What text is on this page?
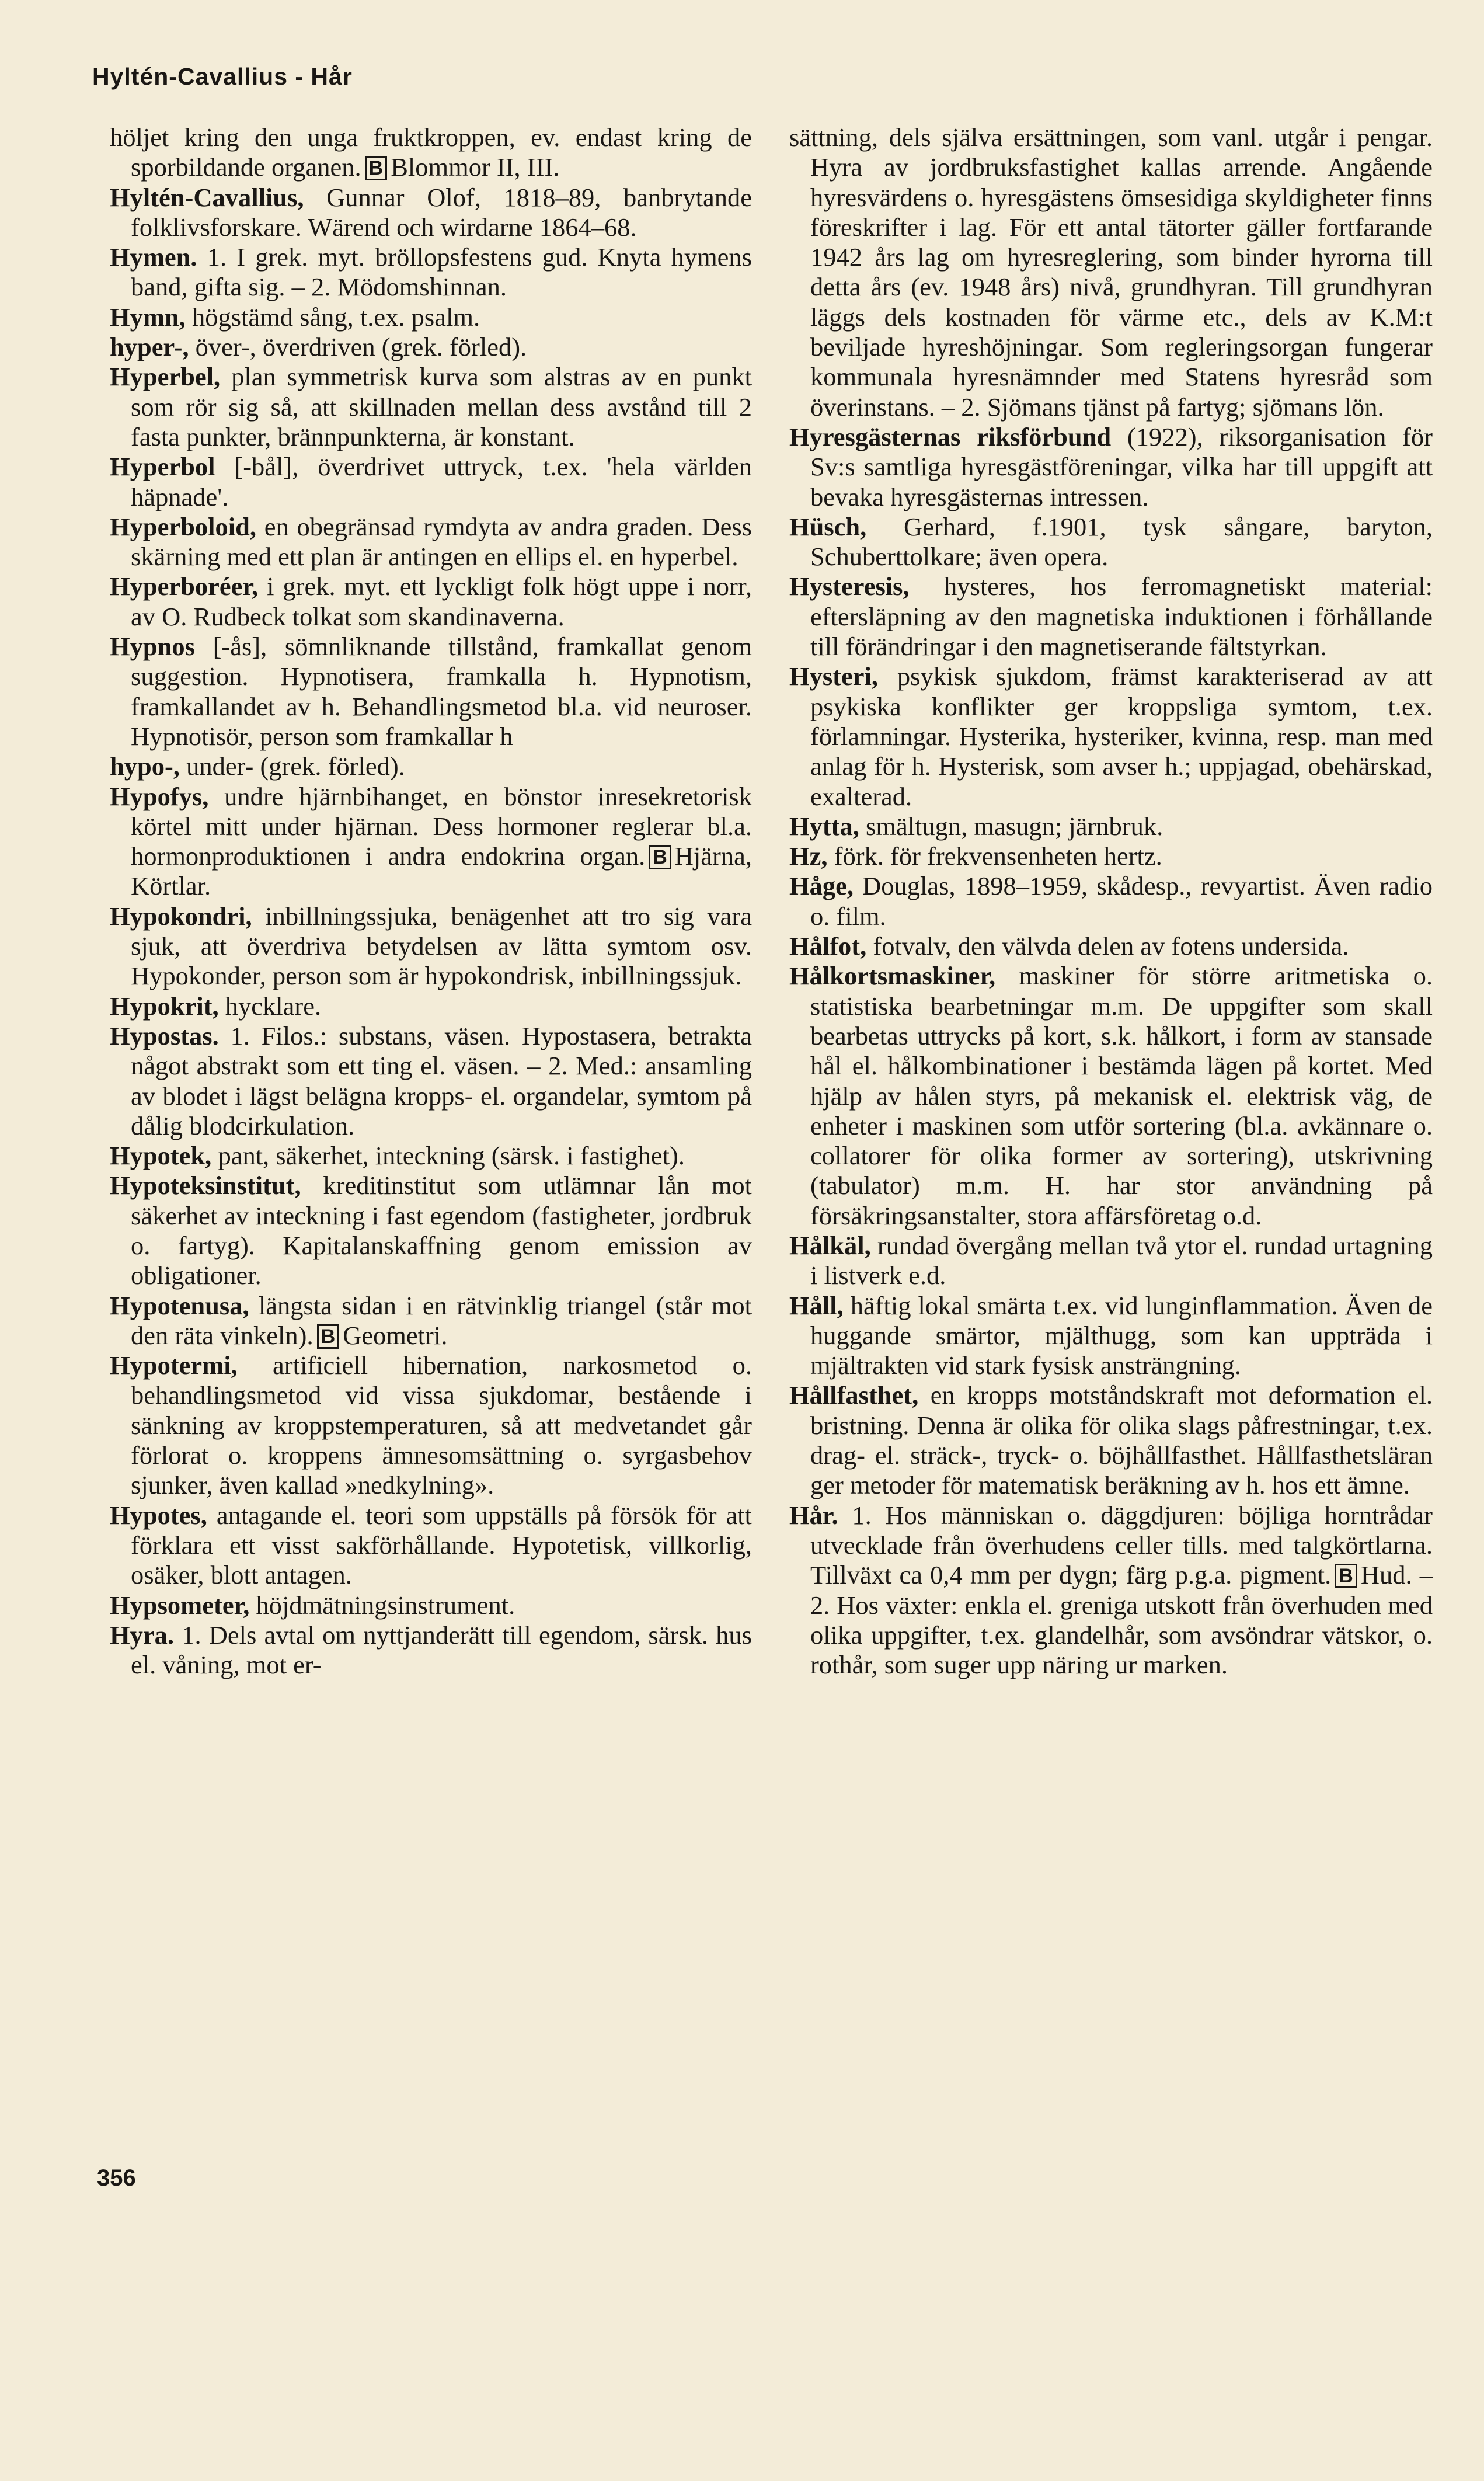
Hyltén-Cavallius - Hår

höljet kring den unga fruktkroppen, ev. endast kring de sporbildande organen. B Blommor II, III.

Hyltén-Cavallius, Gunnar Olof, 1818–89, banbrytande folklivsforskare. Wärend och wirdarne 1864–68.

Hymen. 1. I grek. myt. bröllopsfestens gud. Knyta hymens band, gifta sig. – 2. Mödomshinnan.

Hymn, högstämd sång, t.ex. psalm.

hyper-, över-, överdriven (grek. förled).

Hyperbel, plan symmetrisk kurva som alstras av en punkt som rör sig så, att skillnaden mellan dess avstånd till 2 fasta punkter, brännpunkterna, är konstant.

Hyperbol [-bål], överdrivet uttryck, t.ex. 'hela världen häpnade'.

Hyperboloid, en obegränsad rymdyta av andra graden. Dess skärning med ett plan är antingen en ellips el. en hyperbel.

Hyperboréer, i grek. myt. ett lyckligt folk högt uppe i norr, av O. Rudbeck tolkat som skandinaverna.

Hypnos [-ås], sömnliknande tillstånd, framkallat genom suggestion. Hypnotisera, framkalla h. Hypnotism, framkallandet av h. Behandlingsmetod bl.a. vid neuroser. Hypnotisör, person som framkallar h

hypo-, under- (grek. förled).

Hypofys, undre hjärnbihanget, en bönstor inresekretorisk körtel mitt under hjärnan. Dess hormoner reglerar bl.a. hormonproduktionen i andra endokrina organ. B Hjärna, Körtlar.

Hypokondri, inbillningssjuka, benägenhet att tro sig vara sjuk, att överdriva betydelsen av lätta symtom osv. Hypokonder, person som är hypokondrisk, inbillningssjuk.

Hypokrit, hycklare.

Hypostas. 1. Filos.: substans, väsen. Hypostasera, betrakta något abstrakt som ett ting el. väsen. – 2. Med.: ansamling av blodet i lägst belägna kropps- el. organdelar, symtom på dålig blodcirkulation.

Hypotek, pant, säkerhet, inteckning (särsk. i fastighet).

Hypoteksinstitut, kreditinstitut som utlämnar lån mot säkerhet av inteckning i fast egendom (fastigheter, jordbruk o. fartyg). Kapitalanskaffning genom emission av obligationer.

Hypotenusa, längsta sidan i en rätvinklig triangel (står mot den räta vinkeln). B Geometri.

Hypotermi, artificiell hibernation, narkosmetod o. behandlingsmetod vid vissa sjukdomar, bestående i sänkning av kroppstemperaturen, så att medvetandet går förlorat o. kroppens ämnesomsättning o. syrgasbehov sjunker, även kallad »nedkylning».

Hypotes, antagande el. teori som uppställs på försök för att förklara ett visst sakförhållande. Hypotetisk, villkorlig, osäker, blott antagen.

Hypsometer, höjdmätningsinstrument.

Hyra. 1. Dels avtal om nyttjanderätt till egendom, särsk. hus el. våning, mot er-

sättning, dels själva ersättningen, som vanl. utgår i pengar. Hyra av jordbruksfastighet kallas arrende. Angående hyresvärdens o. hyresgästens ömsesidiga skyldigheter finns föreskrifter i lag. För ett antal tätorter gäller fortfarande 1942 års lag om hyresreglering, som binder hyrorna till detta års (ev. 1948 års) nivå, grundhyran. Till grundhyran läggs dels kostnaden för värme etc., dels av K.M:t beviljade hyreshöjningar. Som regleringsorgan fungerar kommunala hyresnämnder med Statens hyresråd som överinstans. – 2. Sjömans tjänst på fartyg; sjömans lön.

Hyresgästernas riksförbund (1922), riksorganisation för Sv:s samtliga hyresgästföreningar, vilka har till uppgift att bevaka hyresgästernas intressen.

Hüsch, Gerhard, f.1901, tysk sångare, baryton, Schuberttolkare; även opera.

Hysteresis, hysteres, hos ferromagnetiskt material: eftersläpning av den magnetiska induktionen i förhållande till förändringar i den magnetiserande fältstyrkan.

Hysteri, psykisk sjukdom, främst karakteriserad av att psykiska konflikter ger kroppsliga symtom, t.ex. förlamningar. Hysterika, hysteriker, kvinna, resp. man med anlag för h. Hysterisk, som avser h.; uppjagad, obehärskad, exalterad.

Hytta, smältugn, masugn; järnbruk.

Hz, förk. för frekvensenheten hertz.

Håge, Douglas, 1898–1959, skådesp., revyartist. Även radio o. film.

Hålfot, fotvalv, den välvda delen av fotens undersida.

Hålkortsmaskiner, maskiner för större aritmetiska o. statistiska bearbetningar m.m. De uppgifter som skall bearbetas uttrycks på kort, s.k. hålkort, i form av stansade hål el. hålkombinationer i bestämda lägen på kortet. Med hjälp av hålen styrs, på mekanisk el. elektrisk väg, de enheter i maskinen som utför sortering (bl.a. avkännare o. collatorer för olika former av sortering), utskrivning (tabulator) m.m. H. har stor användning på försäkringsanstalter, stora affärsföretag o.d.

Hålkäl, rundad övergång mellan två ytor el. rundad urtagning i listverk e.d.

Håll, häftig lokal smärta t.ex. vid lunginflammation. Även de huggande smärtor, mjälthugg, som kan uppträda i mjältrakten vid stark fysisk ansträngning.

Hållfasthet, en kropps motståndskraft mot deformation el. bristning. Denna är olika för olika slags påfrestningar, t.ex. drag- el. sträck-, tryck- o. böjhållfasthet. Hållfasthetsläran ger metoder för matematisk beräkning av h. hos ett ämne.

Hår. 1. Hos människan o. däggdjuren: böjliga horntrådar utvecklade från överhudens celler tills. med talgkörtlarna. Tillväxt ca 0,4 mm per dygn; färg p.g.a. pigment. B Hud. – 2. Hos växter: enkla el. greniga utskott från överhuden med olika uppgifter, t.ex. glandelhår, som avsöndrar vätskor, o. rothår, som suger upp näring ur marken.

356
